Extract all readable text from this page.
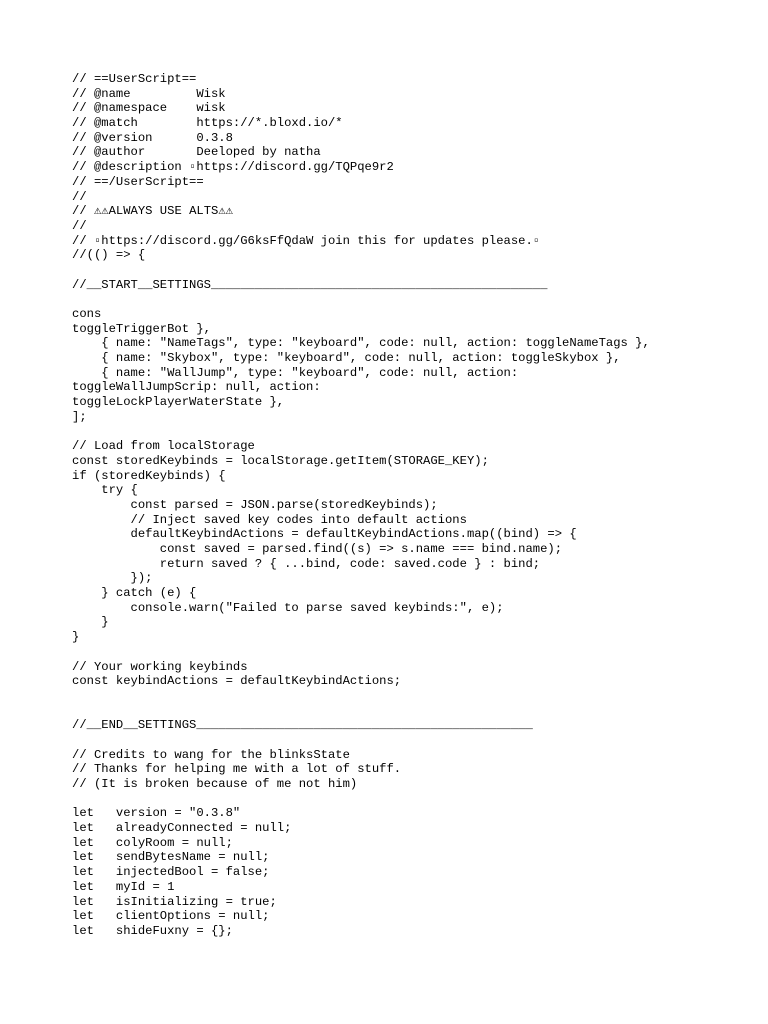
// ==UserScript==
// @name         Wisk
// @namespace    wisk
// @match        https://*.bloxd.io/*
// @version      0.3.8
// @author       Deeloped by natha
// @description ▫https://discord.gg/TQPqe9r2
// ==/UserScript==
//
// ⚠⚠ALWAYS USE ALTS⚠⚠
//
// ▫https://discord.gg/G6ksFfQdaW join this for updates please.▫
//(() => {
//__START__SETTINGS______________________________________________
cons
toggleTriggerBot },
{ name: "NameTags", type: "keyboard", code: null, action: toggleNameTags },
{ name: "Skybox", type: "keyboard", code: null, action: toggleSkybox },
{ name: "WallJump", type: "keyboard", code: null, action:
toggleWallJumpScrip: null, action:
toggleLockPlayerWaterState },
];
// Load from localStorage
const storedKeybinds = localStorage.getItem(STORAGE_KEY);
if (storedKeybinds) {
try {
const parsed = JSON.parse(storedKeybinds);
// Inject saved key codes into default actions
defaultKeybindActions = defaultKeybindActions.map((bind) => {
const saved = parsed.find((s) => s.name === bind.name);
return saved ? { ...bind, code: saved.code } : bind;
});
} catch (e) {
console.warn("Failed to parse saved keybinds:", e);
}
}
// Your working keybinds
const keybindActions = defaultKeybindActions;
//__END__SETTINGS______________________________________________
// Credits to wang for the blinksState
// Thanks for helping me with a lot of stuff.
// (It is broken because of me not him)
let   version = "0.3.8"
let   alreadyConnected = null;
let   colyRoom = null;
let   sendBytesName = null;
let   injectedBool = false;
let   myId = 1
let   isInitializing = true;
let   clientOptions = null;
let   shideFuxny = {};
